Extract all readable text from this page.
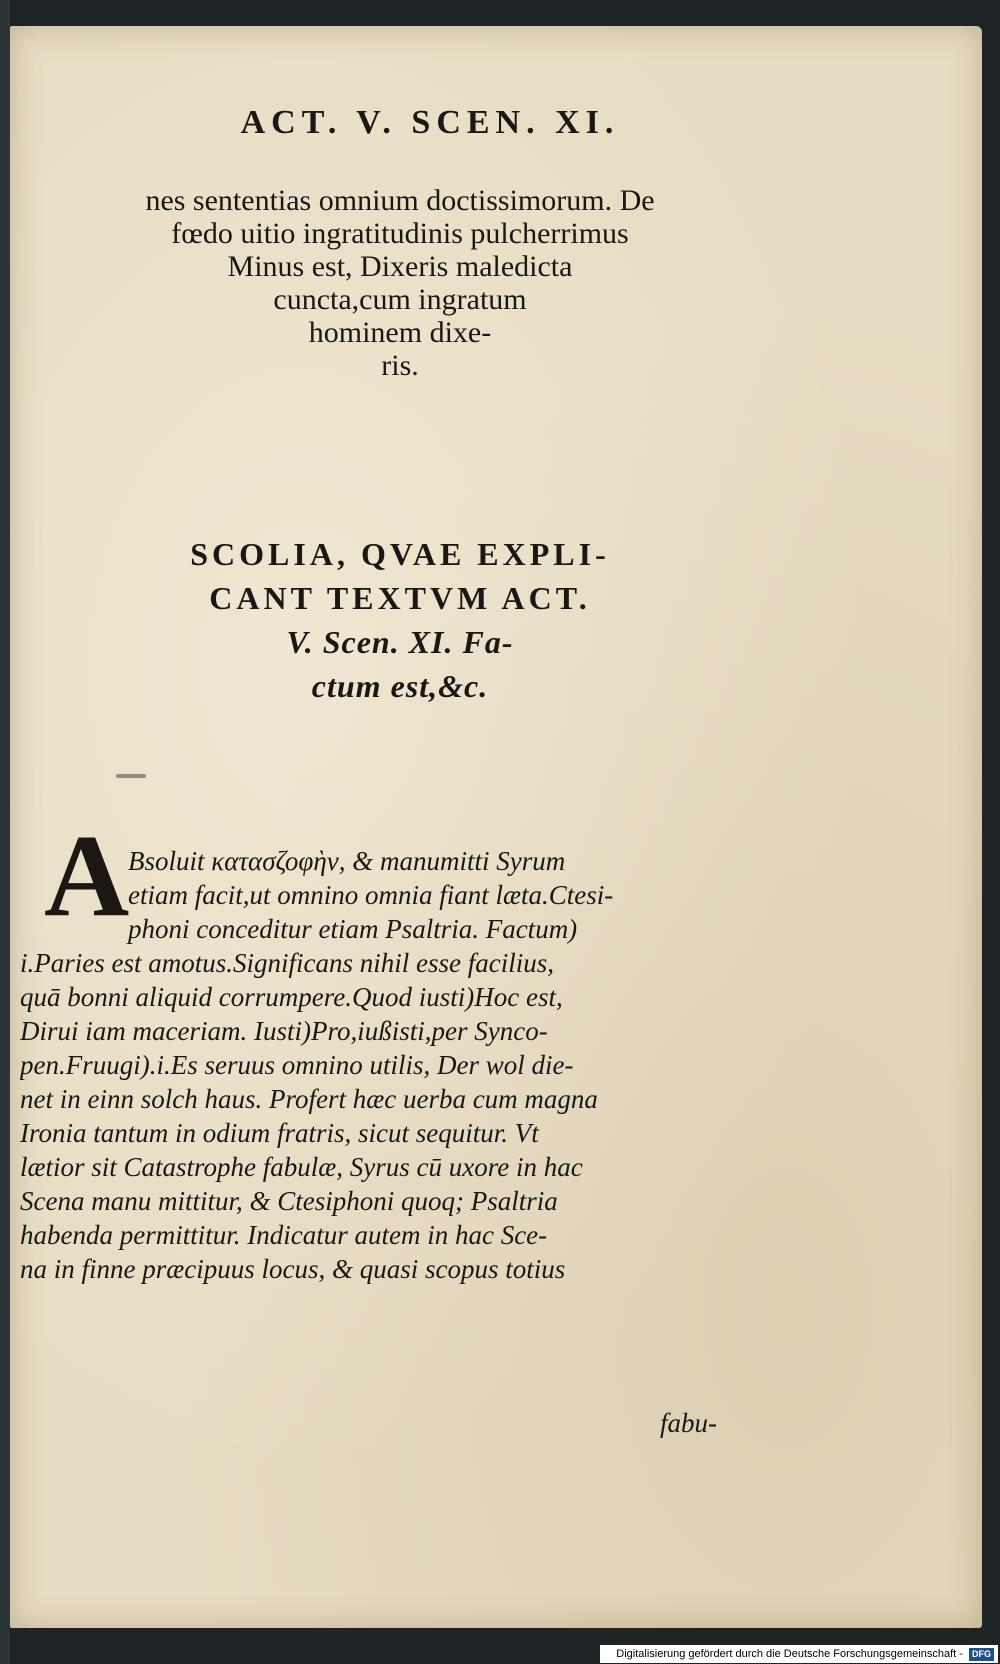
ACT. V. SCEN. XI.
nes sententias omnium doctissimorum. De
fœdo uitio ingratitudinis pulcherrimus
Minus est, Dixeris maledicta
cuncta,cum ingratum
hominem dixe-
ris.
SCOLIA, QVAE EXPLI-
CANT TEXTVM ACT.
V. Scen. XI. Fa-
ctum est,&c.
A
Bsoluit κατασζοφὴν, & manumitti Syrum
etiam facit,ut omnino omnia fiant læta.Ctesi-
phoni conceditur etiam Psaltria. Factum)
i.Paries est amotus.Significans nihil esse facilius,
quā bonni aliquid corrumpere.Quod iusti)Hoc est,
Dirui iam maceriam. Iusti)Pro,iußisti,per Synco-
pen.Fruugi).i.Es seruus omnino utilis, Der wol die-
net in einn solch haus. Profert hæc uerba cum magna
Ironia tantum in odium fratris, sicut sequitur. Vt
lætior sit Catastrophe fabulæ, Syrus cū uxore in hac
Scena manu mittitur, & Ctesiphoni quoq; Psaltria
habenda permittitur. Indicatur autem in hac Sce-
na in finne præcipuus locus, & quasi scopus totius
fabu-
Digitalisierung gefördert durch die Deutsche Forschungsgemeinschaft - DFG
